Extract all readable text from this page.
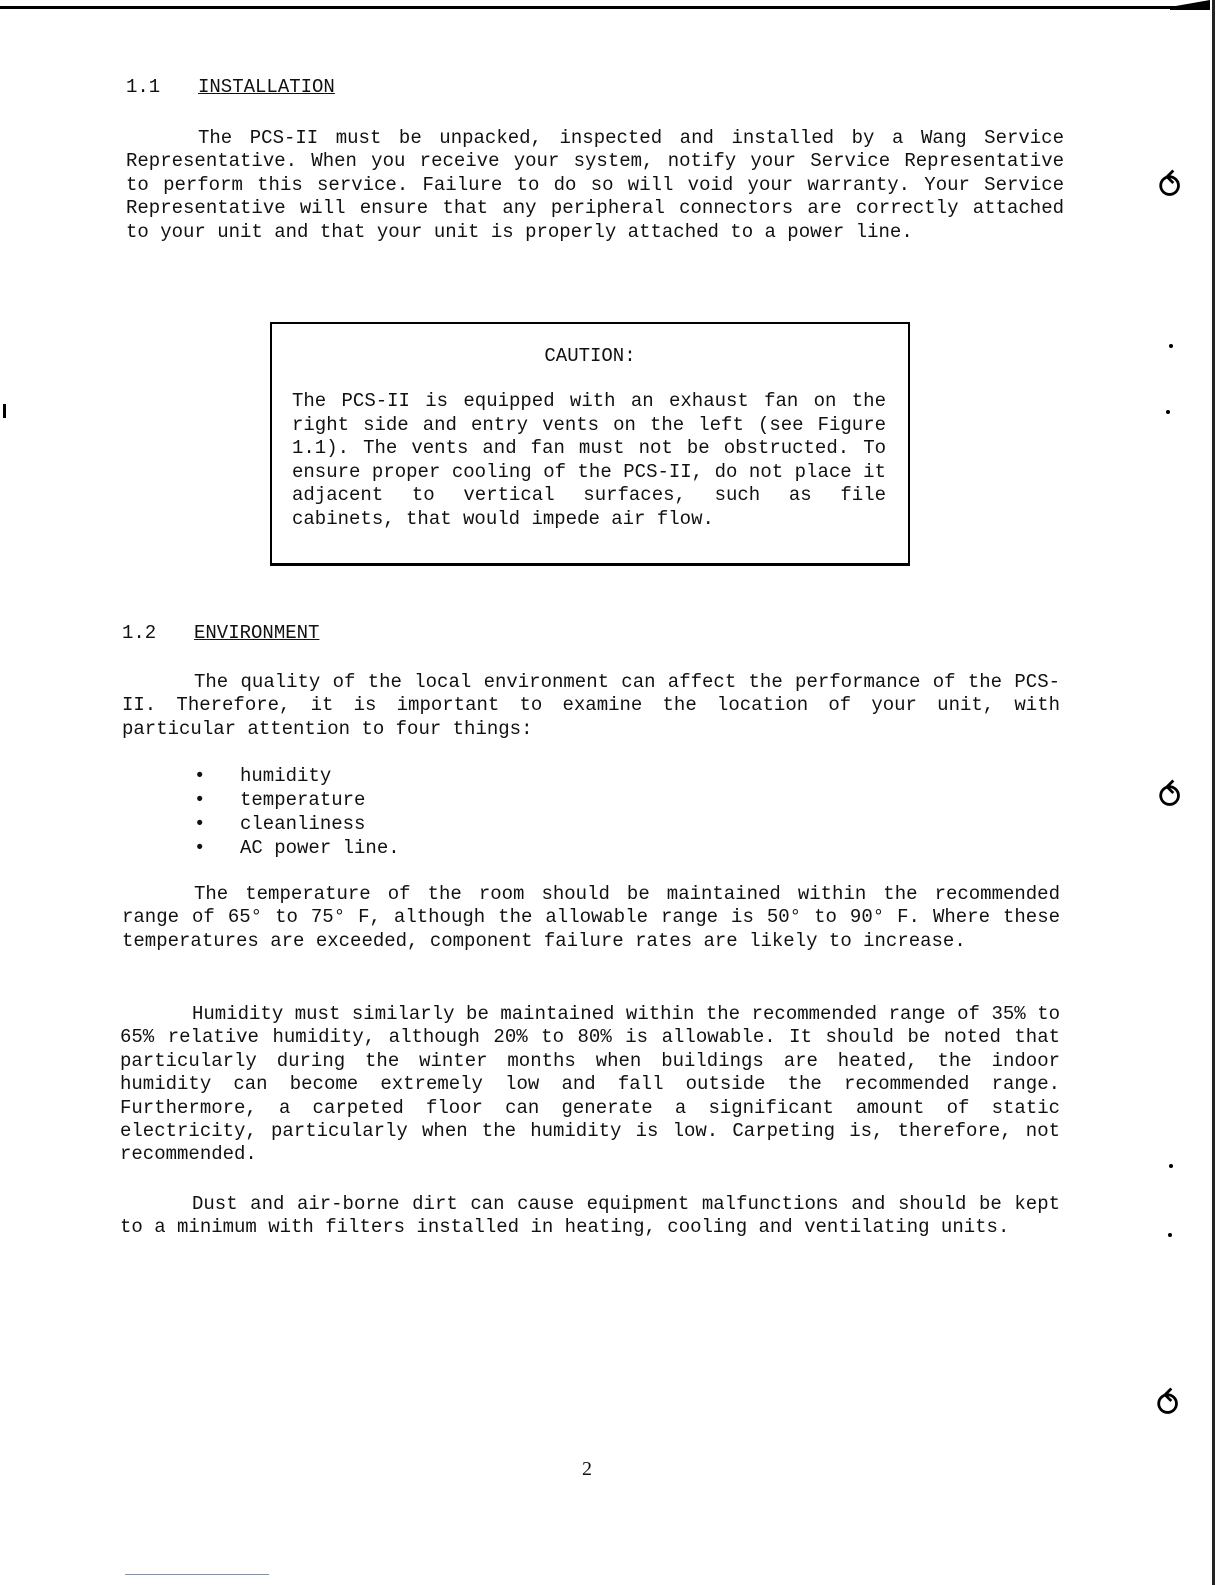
⥀
⥀
⥀
1.1 INSTALLATION

The PCS-II must be unpacked, inspected and installed by a Wang Service Representative. When you receive your system, notify your Service Representative to perform this service. Failure to do so will void your warranty. Your Service Representative will ensure that any peripheral connectors are correctly attached to your unit and that your unit is properly attached to a power line.

CAUTION:

The PCS-II is equipped with an exhaust fan on the right side and entry vents on the left (see Figure 1.1). The vents and fan must not be obstructed. To ensure proper cooling of the PCS-II, do not place it adjacent to vertical surfaces, such as file cabinets, that would impede air flow.

1.2 ENVIRONMENT

The quality of the local environment can affect the performance of the PCS-II. Therefore, it is important to examine the location of your unit, with particular attention to four things:

•	humidity
•	temperature
•	cleanliness
•	AC power line.

The temperature of the room should be maintained within the recommended range of 65° to 75° F, although the allowable range is 50° to 90° F. Where these temperatures are exceeded, component failure rates are likely to increase.

Humidity must similarly be maintained within the recommended range of 35% to 65% relative humidity, although 20% to 80% is allowable. It should be noted that particularly during the winter months when buildings are heated, the indoor humidity can become extremely low and fall outside the recommended range. Furthermore, a carpeted floor can generate a significant amount of static electricity, particularly when the humidity is low. Carpeting is, therefore, not recommended.

Dust and air-borne dirt can cause equipment malfunctions and should be kept to a minimum with filters installed in heating, cooling and ventilating units.

2
